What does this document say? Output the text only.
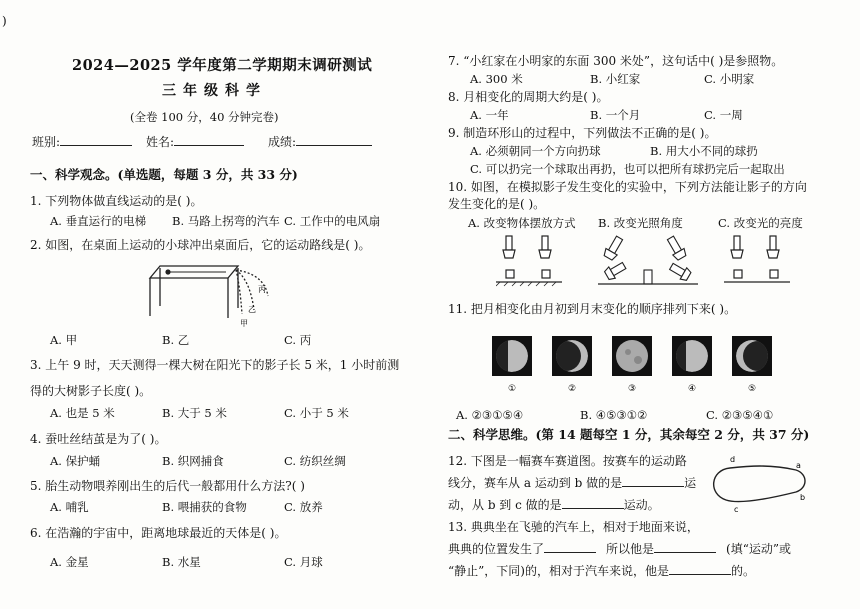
)
2024—2025 学年度第二学期期末调研测试
三年级科学
(全卷 100 分，40 分钟完卷)
班别:	姓名:	成绩:
一、科学观念。(单选题，每题 3 分，共 33 分)
1. 下列物体做直线运动的是( )。
A. 垂直运行的电梯 B. 马路上拐弯的汽车 C. 工作中的电风扇
2. 如图，在桌面上运动的小球冲出桌面后，它的运动路线是( )。
甲
乙
丙
A. 甲	B. 乙	C. 丙
3. 上午 9 时，天天测得一棵大树在阳光下的影子长 5 米，1 小时前测
得的大树影子长度( )。
A. 也是 5 米	B. 大于 5 米	C. 小于 5 米
4. 蚕吐丝结茧是为了( )。
A. 保护蛹	B. 织网捕食	C. 纺织丝绸
5. 胎生动物喂养刚出生的后代一般都用什么方法?( )
A. 哺乳	B. 喂捕获的食物	C. 放养
6. 在浩瀚的宇宙中，距离地球最近的天体是( )。
A. 金星	B. 水星	C. 月球
7. “小红家在小明家的东面 300 米处”，这句话中( )是参照物。
A. 300 米	B. 小红家	C. 小明家
8. 月相变化的周期大约是( )。
A. 一年	B. 一个月	C. 一周
9. 制造环形山的过程中，下列做法不正确的是( )。
A. 必须朝同一个方向扔球	B. 用大小不同的球扔
C. 可以扔完一个球取出再扔，也可以把所有球扔完后一起取出
10. 如图，在模拟影子发生变化的实验中，下列方法能让影子的方向
发生变化的是( )。
A. 改变物体摆放方式 B. 改变光照角度	C. 改变光的亮度
11. 把月相变化由月初到月末变化的顺序排列下来( )。
①	②	③	④	⑤
A. ②③①⑤④	B. ④⑤③①②	C. ②③⑤④①
二、科学思维。(第 14 题每空 1 分，其余每空 2 分，共 37 分)
12. 下图是一幅赛车赛道图。按赛车的运动路
线分，赛车从 a 运动到 b 做的是	运
动，从 b 到 c 做的是	运动。
d
a
b
c
13. 典典坐在飞驰的汽车上，相对于地面来说，
典典的位置发生了	所以他是	(填“运动”或
“静止”，下同)的，相对于汽车来说，他是	的。
